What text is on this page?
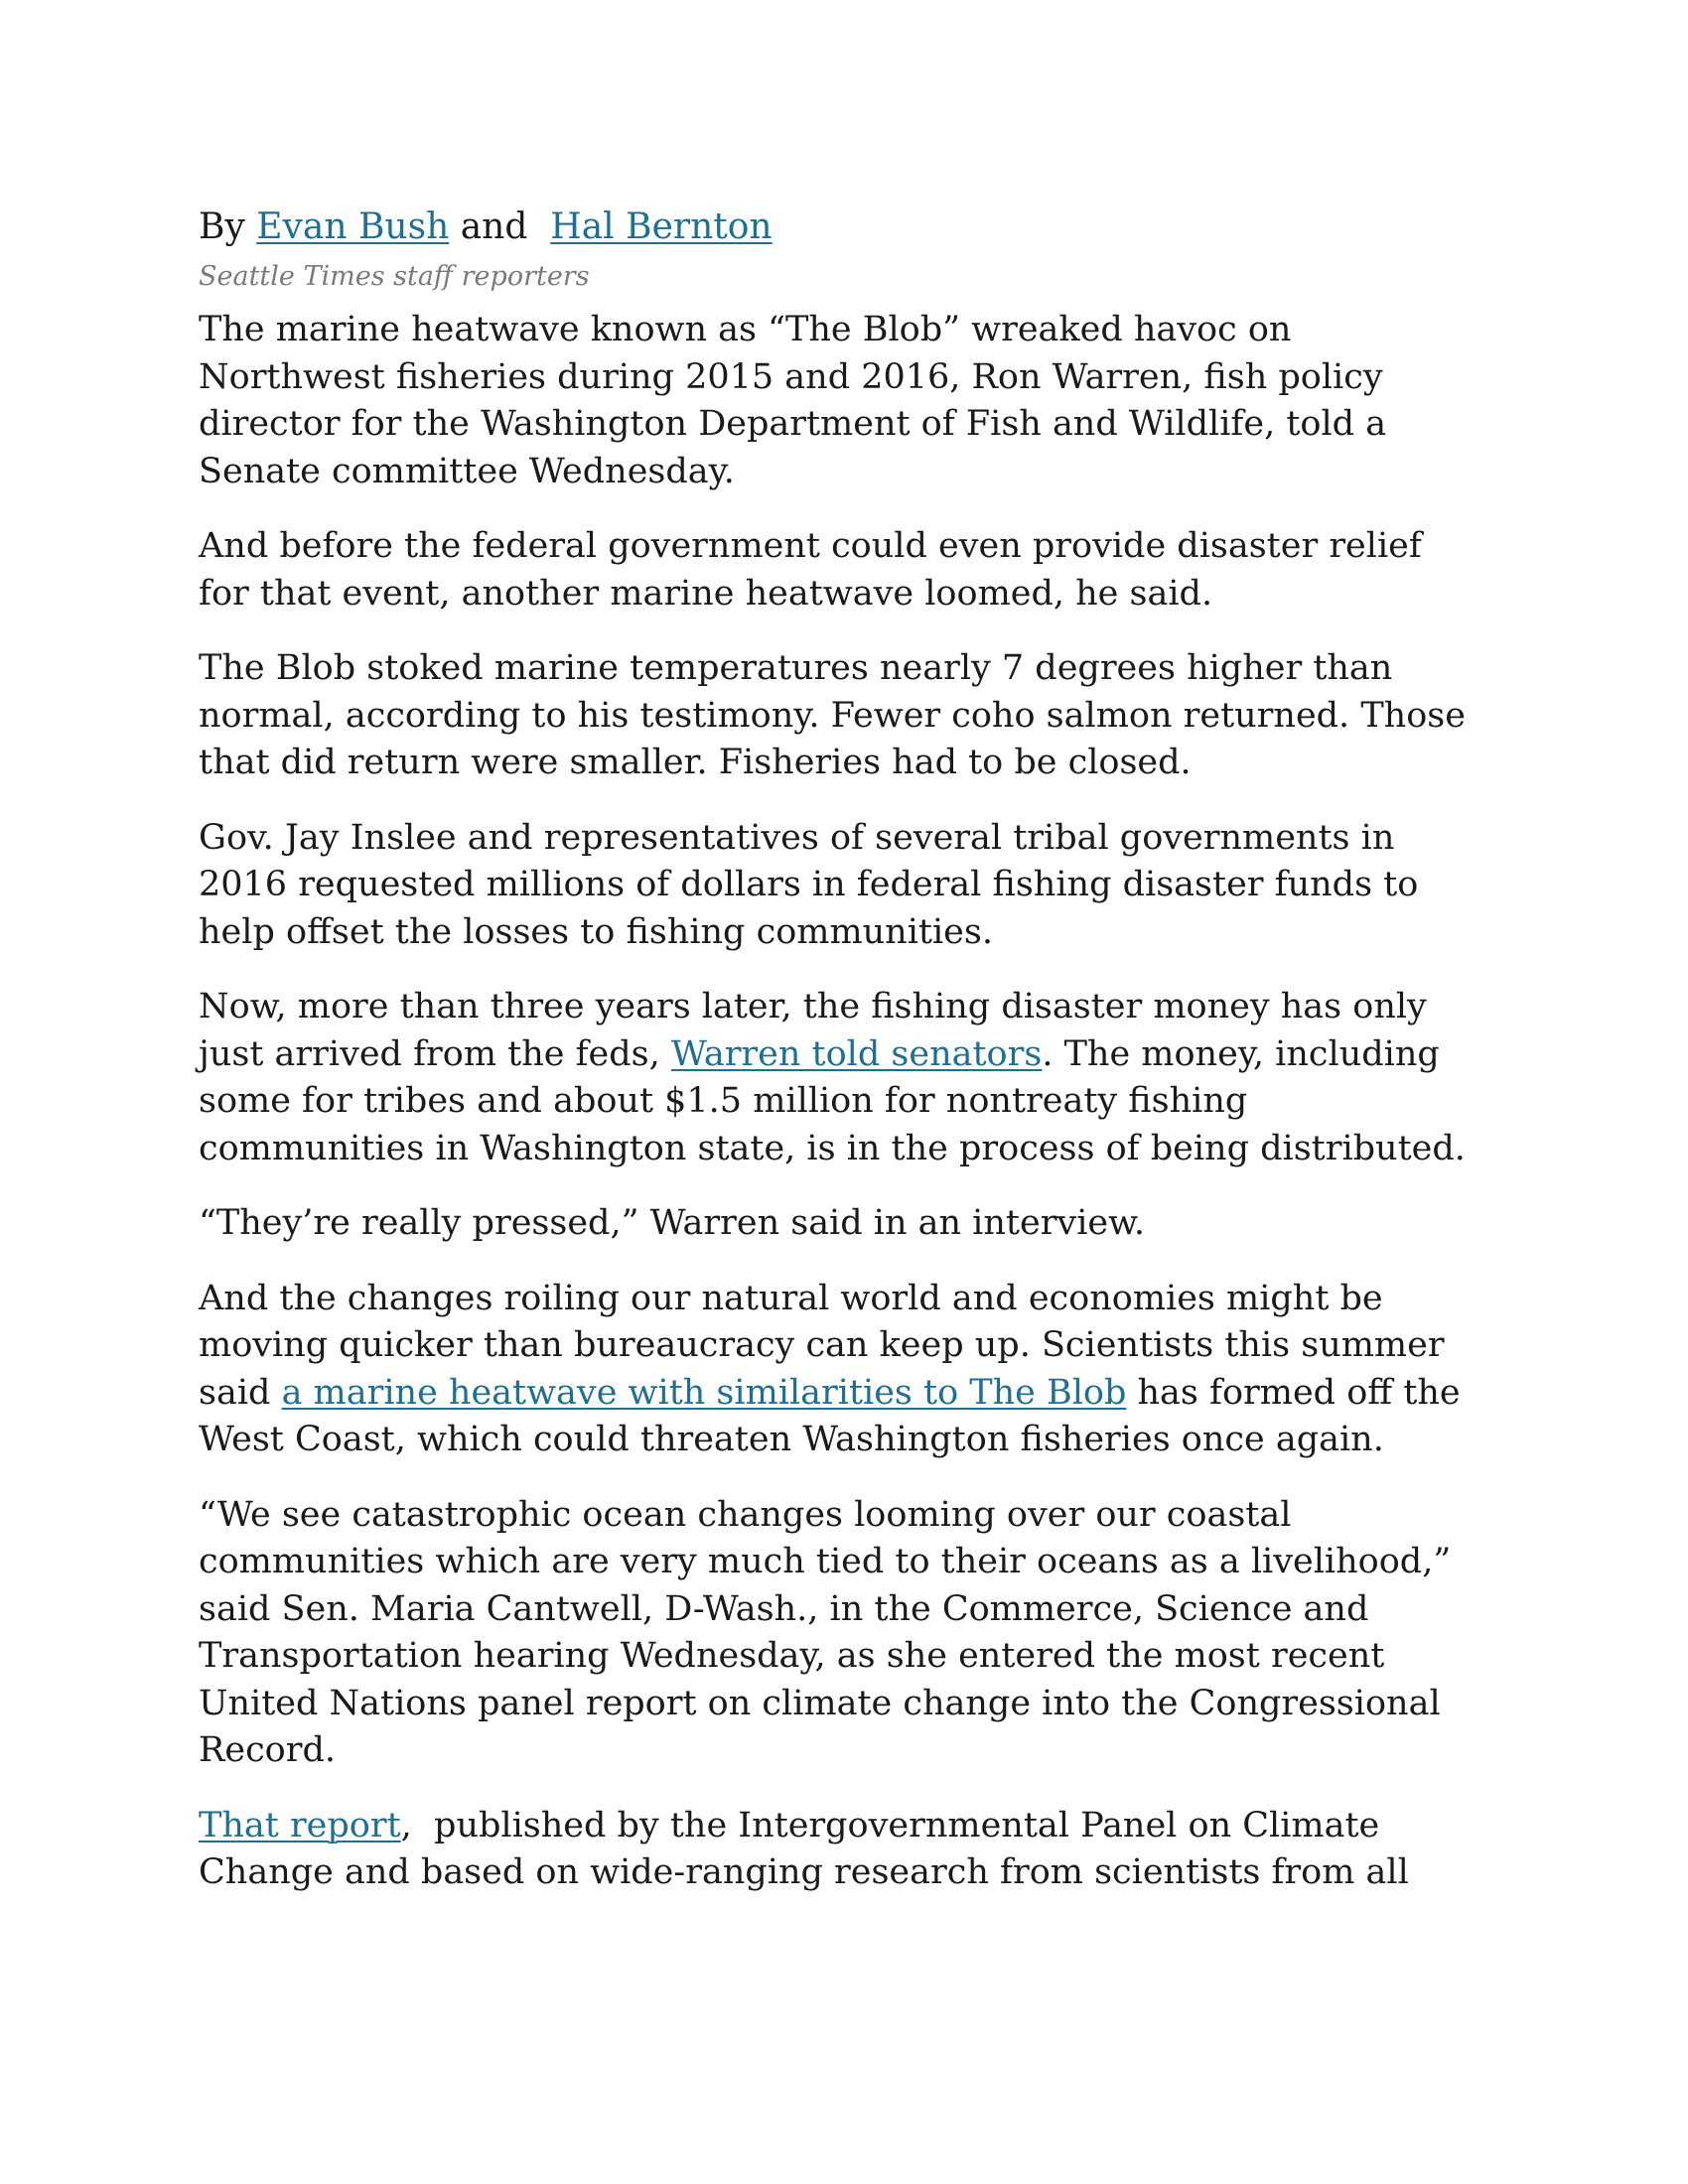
By Evan Bush and  Hal Bernton

Seattle Times staff reporters

The marine heatwave known as “The Blob” wreaked havoc on
Northwest fisheries during 2015 and 2016, Ron Warren, fish policy
director for the Washington Department of Fish and Wildlife, told a
Senate committee Wednesday.

And before the federal government could even provide disaster relief
for that event, another marine heatwave loomed, he said.

The Blob stoked marine temperatures nearly 7 degrees higher than
normal, according to his testimony. Fewer coho salmon returned. Those
that did return were smaller. Fisheries had to be closed.

Gov. Jay Inslee and representatives of several tribal governments in
2016 requested millions of dollars in federal fishing disaster funds to
help offset the losses to fishing communities.

Now, more than three years later, the fishing disaster money has only
just arrived from the feds, Warren told senators. The money, including
some for tribes and about $1.5 million for nontreaty fishing
communities in Washington state, is in the process of being distributed.

“They’re really pressed,” Warren said in an interview.

And the changes roiling our natural world and economies might be
moving quicker than bureaucracy can keep up. Scientists this summer
said a marine heatwave with similarities to The Blob has formed off the
West Coast, which could threaten Washington fisheries once again.

“We see catastrophic ocean changes looming over our coastal
communities which are very much tied to their oceans as a livelihood,”
said Sen. Maria Cantwell, D-Wash., in the Commerce, Science and
Transportation hearing Wednesday, as she entered the most recent
United Nations panel report on climate change into the Congressional
Record.

That report,  published by the Intergovernmental Panel on Climate
Change and based on wide-ranging research from scientists from all
